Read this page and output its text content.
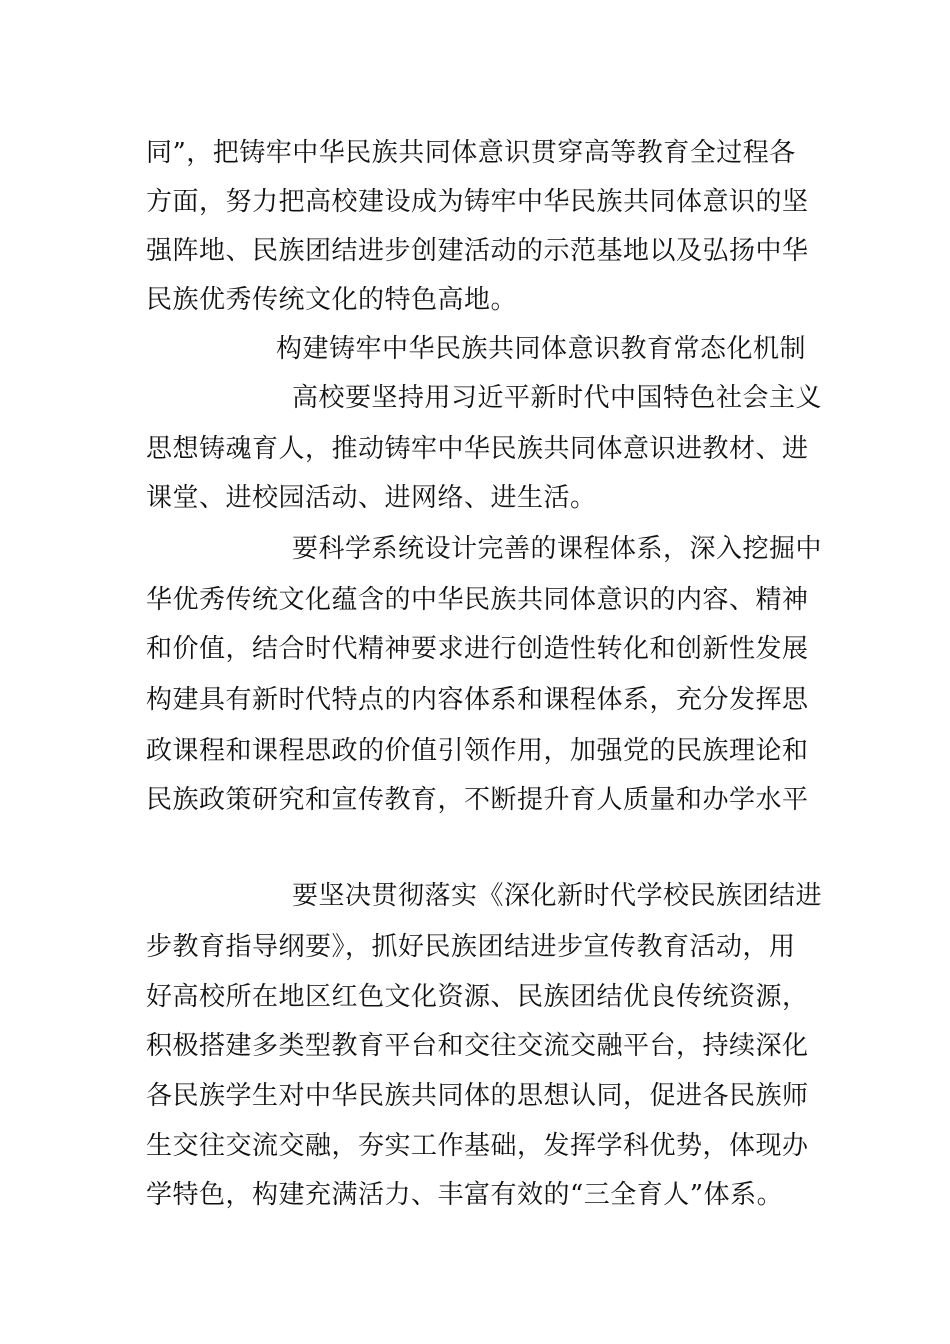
同”，把铸牢中华民族共同体意识贯穿高等教育全过程各
方面，努力把高校建设成为铸牢中华民族共同体意识的坚
强阵地、民族团结进步创建活动的示范基地以及弘扬中华
民族优秀传统文化的特色高地。
构建铸牢中华民族共同体意识教育常态化机制
高校要坚持用习近平新时代中国特色社会主义
思想铸魂育人，推动铸牢中华民族共同体意识进教材、进
课堂、进校园活动、进网络、进生活。
要科学系统设计完善的课程体系，深入挖掘中
华优秀传统文化蕴含的中华民族共同体意识的内容、精神
和价值，结合时代精神要求进行创造性转化和创新性发展
构建具有新时代特点的内容体系和课程体系，充分发挥思
政课程和课程思政的价值引领作用，加强党的民族理论和
民族政策研究和宣传教育，不断提升育人质量和办学水平
要坚决贯彻落实《深化新时代学校民族团结进
步教育指导纲要》，抓好民族团结进步宣传教育活动，用
好高校所在地区红色文化资源、民族团结优良传统资源，
积极搭建多类型教育平台和交往交流交融平台，持续深化
各民族学生对中华民族共同体的思想认同，促进各民族师
生交往交流交融，夯实工作基础，发挥学科优势，体现办
学特色，构建充满活力、丰富有效的“三全育人”体系。
